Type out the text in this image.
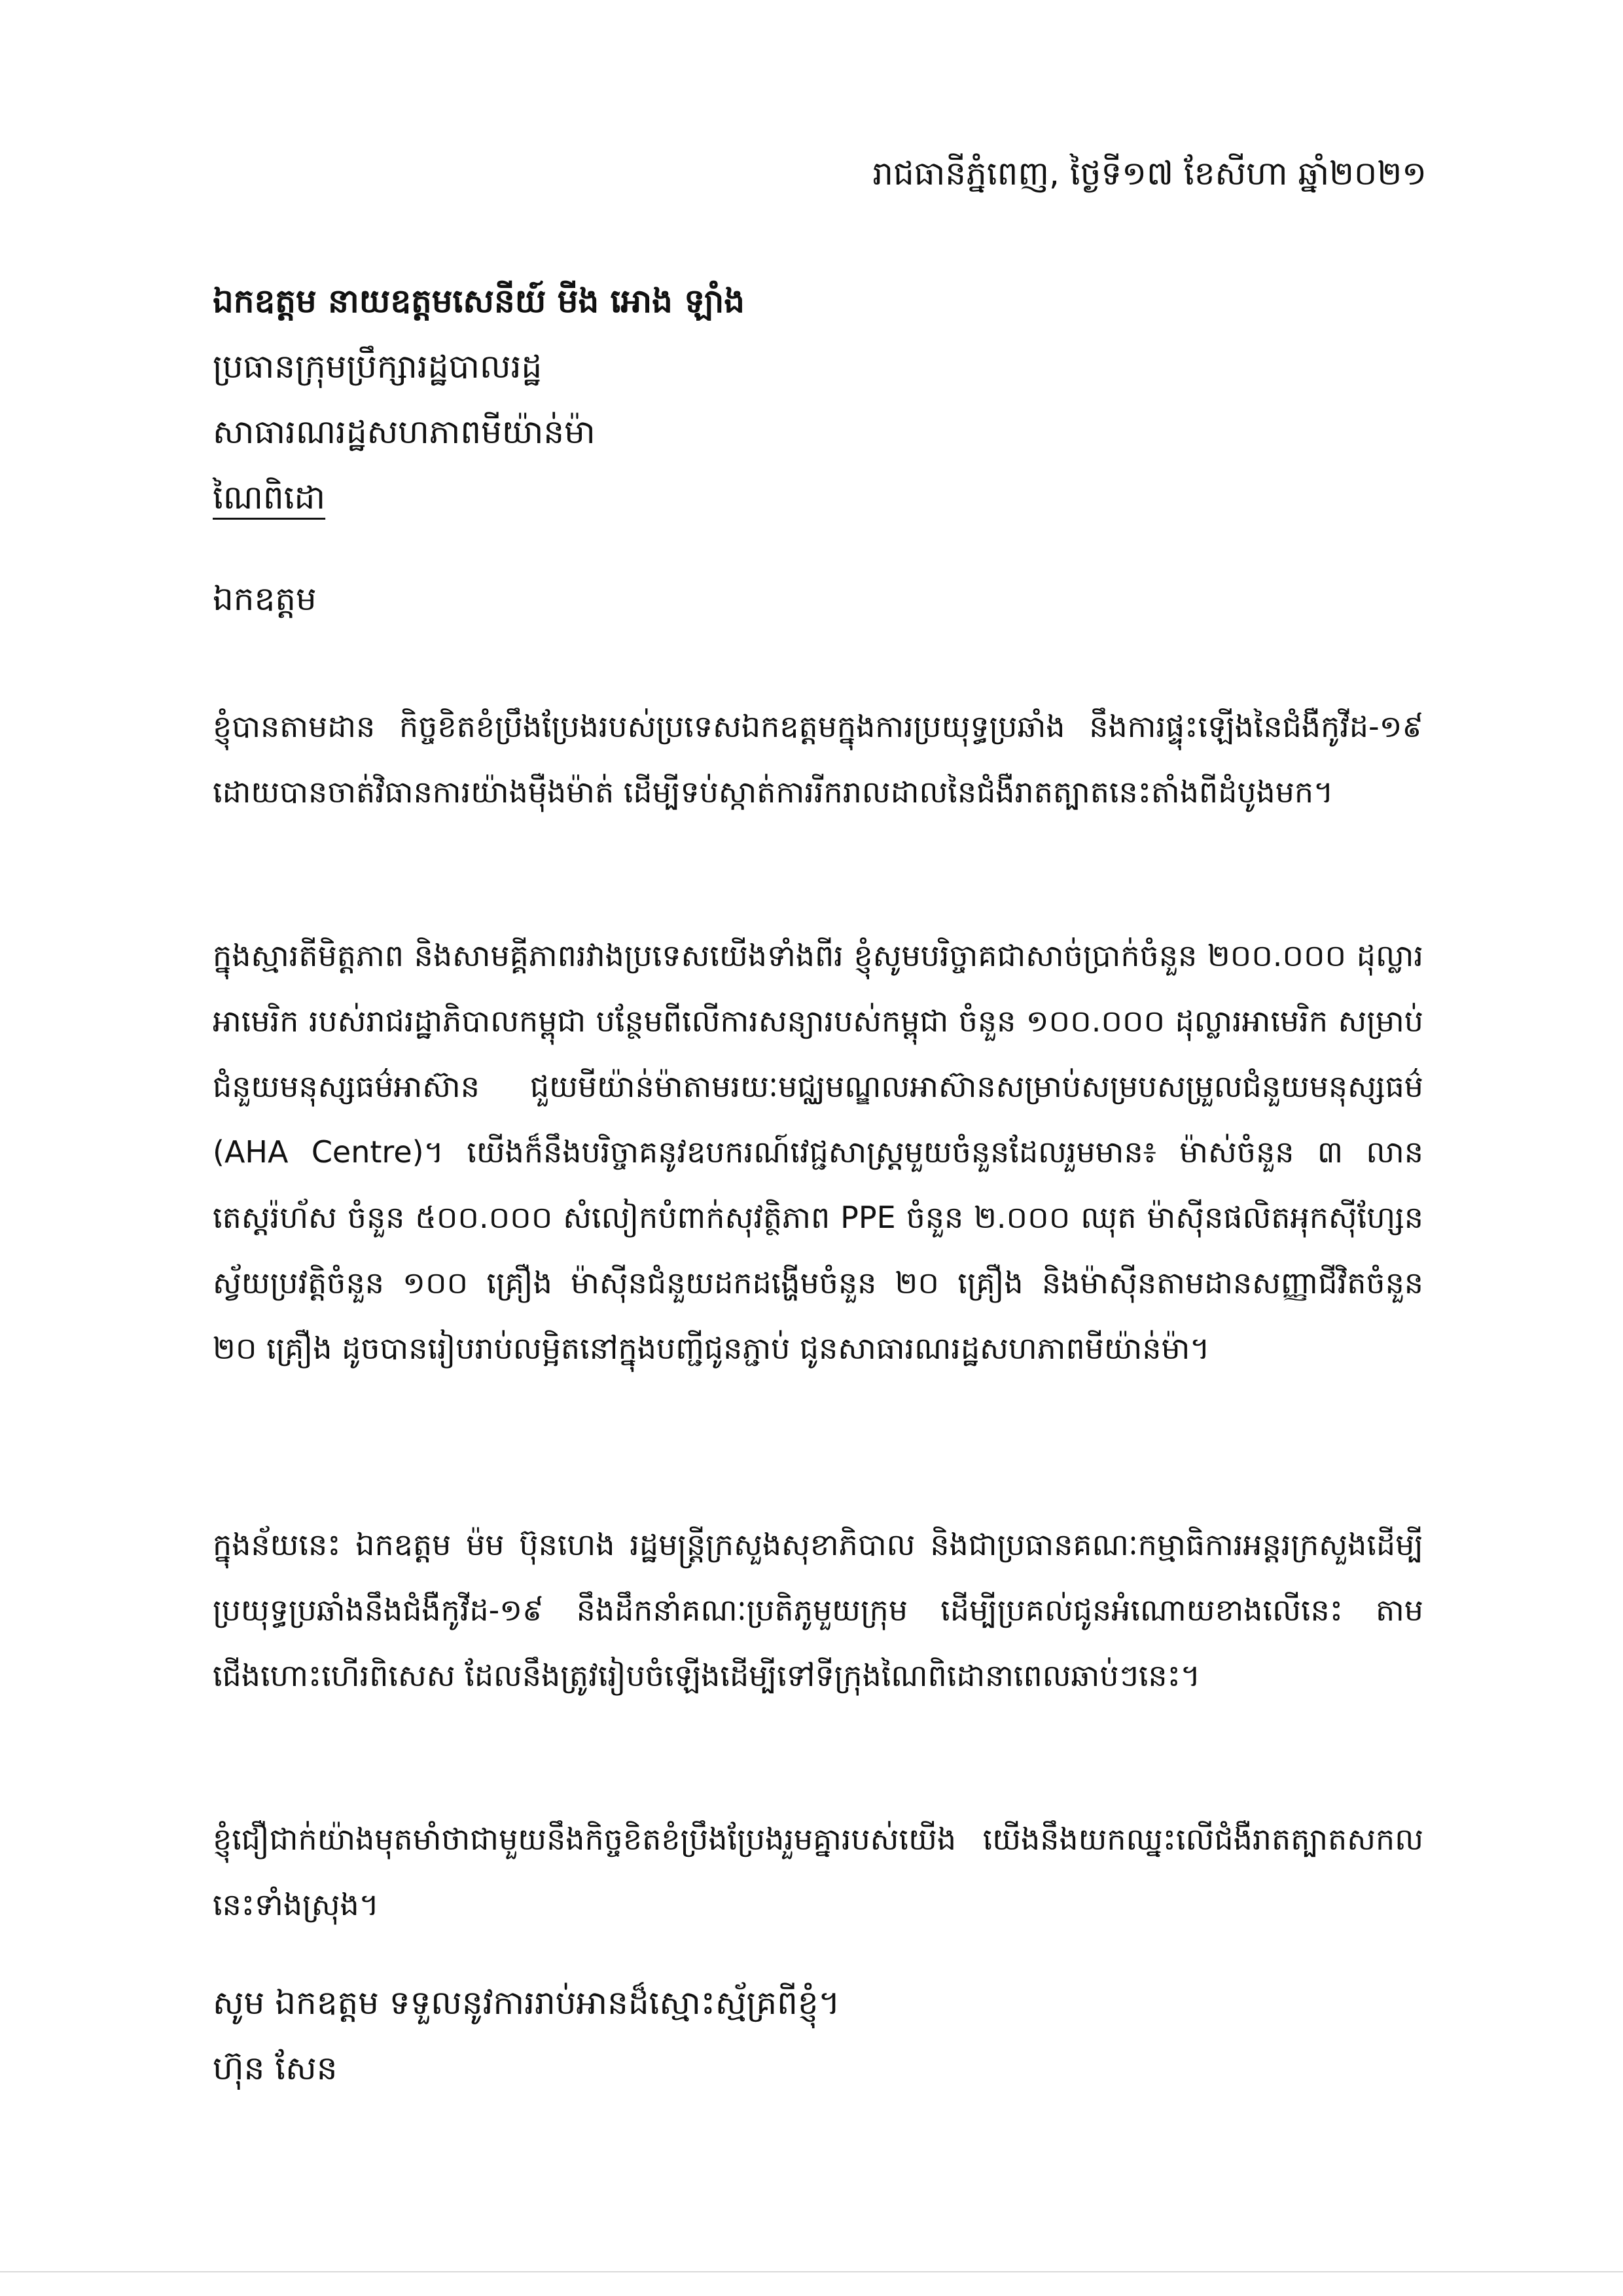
រាជធានីភ្នំពេញ, ថ្ងៃទី១៧ ខែសីហា ឆ្នាំ២០២១
ឯកឧត្តម នាយឧត្តមសេនីយ៍ មីង អោង ឡាំង
ប្រធានក្រុមប្រឹក្សារដ្ឋបាលរដ្ឋ
សាធារណរដ្ឋសហភាពមីយ៉ាន់ម៉ា
ណៃពិដោ
ឯកឧត្តម
ខ្ញុំបានតាមដាន កិច្ចខិតខំប្រឹងប្រែងរបស់ប្រទេសឯកឧត្តមក្នុងការប្រយុទ្ធប្រឆាំង នឹងការផ្ទុះឡើងនៃជំងឺកូវីដ-១៩ ដោយបានចាត់វិធានការយ៉ាងម៉ឺងម៉ាត់ ដើម្បីទប់ស្កាត់ការរីករាលដាលនៃជំងឺរាតត្បាតនេះតាំងពីដំបូងមក។
ក្នុងស្មារតីមិត្តភាព និងសាមគ្គីភាពរវាងប្រទេសយើងទាំងពីរ ខ្ញុំសូមបរិច្ចាគជាសាច់ប្រាក់ចំនួន ២០០.០០០ ដុល្លារអាមេរិក របស់រាជរដ្ឋាភិបាលកម្ពុជា បន្ថែមពីលើការសន្យារបស់កម្ពុជា ចំនួន ១០០.០០០ ដុល្លារអាមេរិក សម្រាប់ជំនួយមនុស្សធម៌អាស៊ាន ជួយមីយ៉ាន់ម៉ាតាមរយៈមជ្ឈមណ្ឌលអាស៊ានសម្រាប់សម្របសម្រួលជំនួយមនុស្សធម៌ (AHA Centre)។ យើងក៏នឹងបរិច្ចាគនូវឧបករណ៍វេជ្ជសាស្ត្រមួយចំនួនដែលរួមមាន៖ ម៉ាស់ចំនួន ៣ លាន តេស្តរ៉ហ័ស ចំនួន ៥០០.០០០ សំលៀកបំពាក់សុវត្ថិភាព PPE ចំនួន ២.០០០ ឈុត ម៉ាស៊ីនផលិតអុកស៊ីហ្សែនស្វ័យប្រវត្តិចំនួន ១០០ គ្រឿង ម៉ាស៊ីនជំនួយដកដង្ហើមចំនួន ២០ គ្រឿង និងម៉ាស៊ីនតាមដានសញ្ញាជីវិតចំនួន ២០ គ្រឿង ដូចបានរៀបរាប់លម្អិតនៅក្នុងបញ្ជីជូនភ្ជាប់ ជូនសាធារណរដ្ឋសហភាពមីយ៉ាន់ម៉ា។
ក្នុងន័យនេះ ឯកឧត្តម ម៉ម ប៊ុនហេង រដ្ឋមន្ត្រីក្រសួងសុខាភិបាល និងជាប្រធានគណៈកម្មាធិការអន្តរក្រសួងដើម្បីប្រយុទ្ធប្រឆាំងនឹងជំងឺកូវីដ-១៩ នឹងដឹកនាំគណៈប្រតិភូមួយក្រុម ដើម្បីប្រគល់ជូនអំណោយខាងលើនេះ តាមជើងហោះហើរពិសេស ដែលនឹងត្រូវរៀបចំឡើងដើម្បីទៅទីក្រុងណៃពិដោនាពេលឆាប់ៗនេះ។
ខ្ញុំជឿជាក់យ៉ាងមុតមាំថាជាមួយនឹងកិច្ចខិតខំប្រឹងប្រែងរួមគ្នារបស់យើង យើងនឹងយកឈ្នះលើជំងឺរាតត្បាតសកលនេះទាំងស្រុង។
សូម ឯកឧត្តម ទទួលនូវការរាប់អានដ៏ស្មោះស្ម័គ្រពីខ្ញុំ។
ហ៊ុន សែន
